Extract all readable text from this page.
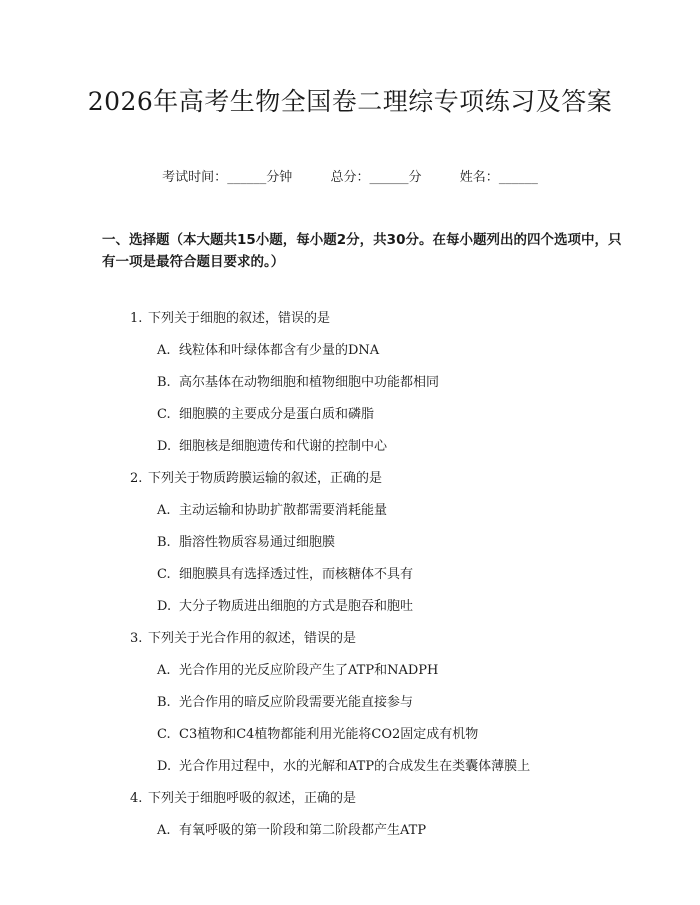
2026年高考生物全国卷二理综专项练习及答案
考试时间：______分钟	总分：______分	姓名：______
一、选择题（本大题共15小题，每小题2分，共30分。在每小题列出的四个选项中，只有一项是最符合题目要求的。）
1. 下列关于细胞的叙述，错误的是
A. 线粒体和叶绿体都含有少量的DNA
B. 高尔基体在动物细胞和植物细胞中功能都相同
C. 细胞膜的主要成分是蛋白质和磷脂
D. 细胞核是细胞遗传和代谢的控制中心
2. 下列关于物质跨膜运输的叙述，正确的是
A. 主动运输和协助扩散都需要消耗能量
B. 脂溶性物质容易通过细胞膜
C. 细胞膜具有选择透过性，而核糖体不具有
D. 大分子物质进出细胞的方式是胞吞和胞吐
3. 下列关于光合作用的叙述，错误的是
A. 光合作用的光反应阶段产生了ATP和NADPH
B. 光合作用的暗反应阶段需要光能直接参与
C. C3植物和C4植物都能利用光能将CO2固定成有机物
D. 光合作用过程中，水的光解和ATP的合成发生在类囊体薄膜上
4. 下列关于细胞呼吸的叙述，正确的是
A. 有氧呼吸的第一阶段和第二阶段都产生ATP
